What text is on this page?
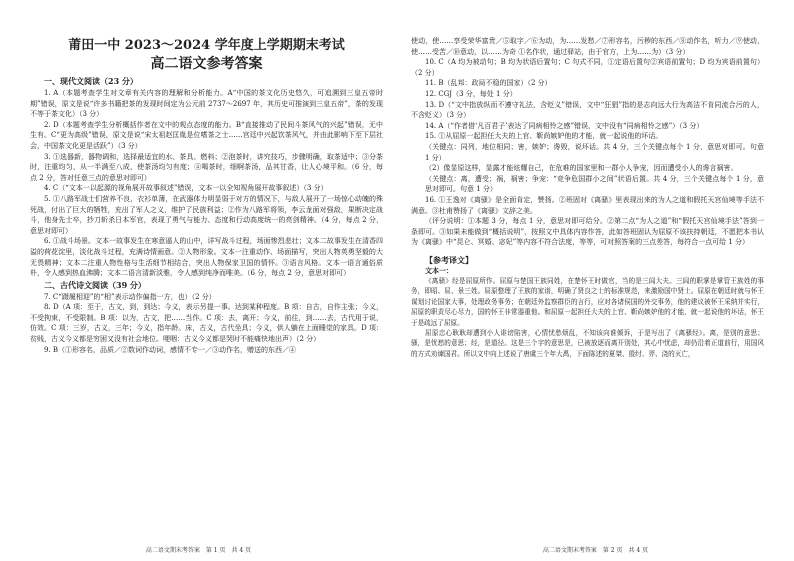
莆田一中 2023～2024 学年度上学期期末考试

高二语文参考答案

一、现代文阅读（23 分）

1. A（本题考查学生对文章有关内容的理解和分析能力。A“中国的茶文化历史悠久，可追溯到三皇五帝时期”错误，原文是说“许多书籍把茶的发现时间定为公元前 2737～2697 年，其历史可推演到三皇五帝”，茶的发现不等于茶文化）（3 分）

2. D（本题考查学生分析概括作者在文中的观点态度的能力。B“直接推动了民间斗茶风气的兴起”错误，无中生有。C“更为高级”错误，原文是说“宋太祖赵匡胤是位嗜茶之士……宫廷中兴起饮茶风气，并由此影响下至下层社会，中国茶文化更是活跃”）（3 分）

3. ①选器新，器物调和，选择最适宜的水、茶具、燃料；②泡茶时，讲究技巧，步骤明确，取茶适中；③分茶时，注重均匀，从一半满至八成，使茶汤均匀有度；④喝茶时，细啊茶汤，品其甘香，让人心境平和。（6 分，每点 2 分，答对任意三点的意思对即可）

4. C（“文本一以起源的视角展开故事叙述”错误，文本一以全知视角展开故事叙述）（3 分）

5. ①八路军战士们营养不良，衣衫单薄，在武器体力明显弱于对方的情况下，与敌人展开了一场惊心动魄的殊死战，付出了巨大的牺牲，充出了军人之义，维护了民族利益；②作为八路军将领，李云龙面对强敌，果断决定战斗，他身先士卒，抄刀斩杀日本军官，表现了勇气与能力、态度和行动高度统一的亮剑精神。（4 分，每点 2 分，意思对即可）

6. ①战斗场景。文本一故事发生在寒意逼人的山中，详写战斗过程，场面惨烈悲壮；文本二故事发生在清香四溢的荷花淀里，淡化战斗过程，充满诗情画意。②人物形象。文本一注重动作、场面描写，突出人物英勇坚毅的大无畏精神；文本二注重人物性格与生活细节相结合，突出人物保家卫国的情怀。③语言风格。文本一语言通俗质朴，令人感到热血沸腾；文本二语言清新淡雅，令人感到纯净而唯美。（6 分，每点 2 分，意思对即可）

二、古代诗文阅读（39 分）

7. C“蹑履相迎”的“相”表示动作偏指一方，也）（2 分）

8. D（A 项：至于，古文，到，到达；今义，表示另提一事。达到某种程度。B 项：自古，自作主张；今义，不受拘束，不受限制。B 项：以为，古文，把……当作。C 项：去，离开；今义，前往，到……去，古代用于说，仿效。C 项：三岁，古义，三年；今义，指年龄。床，古义，古代坐具；今义，供人躺在上面睡觉的家具。D 项：贫贱，古义今义都是穷困又没有社会地位。哽咽：古义今义都是哭时不能痛快地出声）（2 分）

9. B（①形容名，品质／②数词作动词，感情不专一／③动作名，赠送的东西／④

高二语文期末考答案　第 1 页　共 4 页

使动，使……享受荣华富贵／⑤取字／⑥为动，为……发愁／⑦形容名，污秽的东西／⑧动作名，听力／⑨使动，使……受苦／⑩意动，以……为奇 ①名作状，通过驿站，由于官方，上为……为）（3 分）

10. C（A 均为被动句；B 均为状语后置句；C 句式不同，①定语后置句②宾语前置句；D 均为宾语前置句）（2 分）

11. B（乱邦：政局不稳的国家）（2 分）

12. CGJ（3 分，每处 1 分）

13. D（“文中指放纵而不遵守礼法，含贬义”错误，文中“狂狷”指的是志向远大行为高洁不肯同流合污的人，不含贬义）（3 分）

14. A（“作者借‘凡百君子’表达了同病相怜之感”错误，文中没有“同病相怜之感”）（3 分）

15. ①从屈原一起担任大夫的上官、靳尚嫉妒他的才能，就一起说他的坏话。

（关键点：同列，地位相同；害，嫉妒；谗毁，说坏话。共 4 分，三个关键点每个 1 分，意思对即可。句意 1 分）

（2）像显原这样，显露才能炫耀自己，在危难的国家里和一群小人争宠，因而遭受小人的谗言祸害。

（关键点：离，遭受；祸，祸害；争宠：“竞争危国群小之间”状语后置。共 4 分，三个关键点每个 1 分，意思对即可。句意 1 分）

16. ①王逸对《离骚》是全面肯定，赞扬。②班固对《离骚》里表现出来的为人之道和假托天宫仙境等手法不满意。③杜甫赞扬了《离骚》文辞之美。

（评分说明：①本题 3 分，每点 1 分，意思对即可给分。②第二点“为人之道”和“假托天宫仙境手法”答到一条即可。③如果未能做到“概括说明”，按照文中具体内容作答，此如答班固认为屈原不该扶持朝廷，不愿把本书认为《离骚》中“昆仑、冥婚、宓妃”等内容不符合法度，等等，可对照答案的三点差答，每符合一点可给 1 分）

【参考译文】

文本一：

《离骚》经是屈原所作。屈原与楚国王族同姓，在楚怀王时做官，当的是三闾大夫。三闾的职掌是掌管王族姓的事务，即昭、屈、景三姓。屈原整理了王族的家谱，明确了贤良之士的标准规范，来激励国中贤士。屈原在朝廷时就与怀王谋划讨论国家大事，处理政务事务；在朝廷外监察群臣的言行，应对各诸侯国的外交事务，他的建议被怀王采纳并实行，屈原的职责尽心尽力，国的怀王非常器重他。和屈原一起担任大夫的上官、靳尚嫉妒他的才能，就一起说他的坏话，怀王于是疏远了屈原。

屈原忠心耿耿却遭到小人诽谤陷害，心情忧愁烦乱，不知该向谁倾诉，于是写出了《离骚经》。离，是别的意思；骚，是忧愁的意思；经，是道径。这是三个字的意思是，已被放逐而离开别处，其心中忧虑，却仍沿着正道前行，用国风的方式劝谏国君。所以文中向上述说了唐虞三个年大禹，下面陈述的夏桀、殷纣、羿、浇的灭亡，

高二语文期末考答案　第 2 页　共 4 页
